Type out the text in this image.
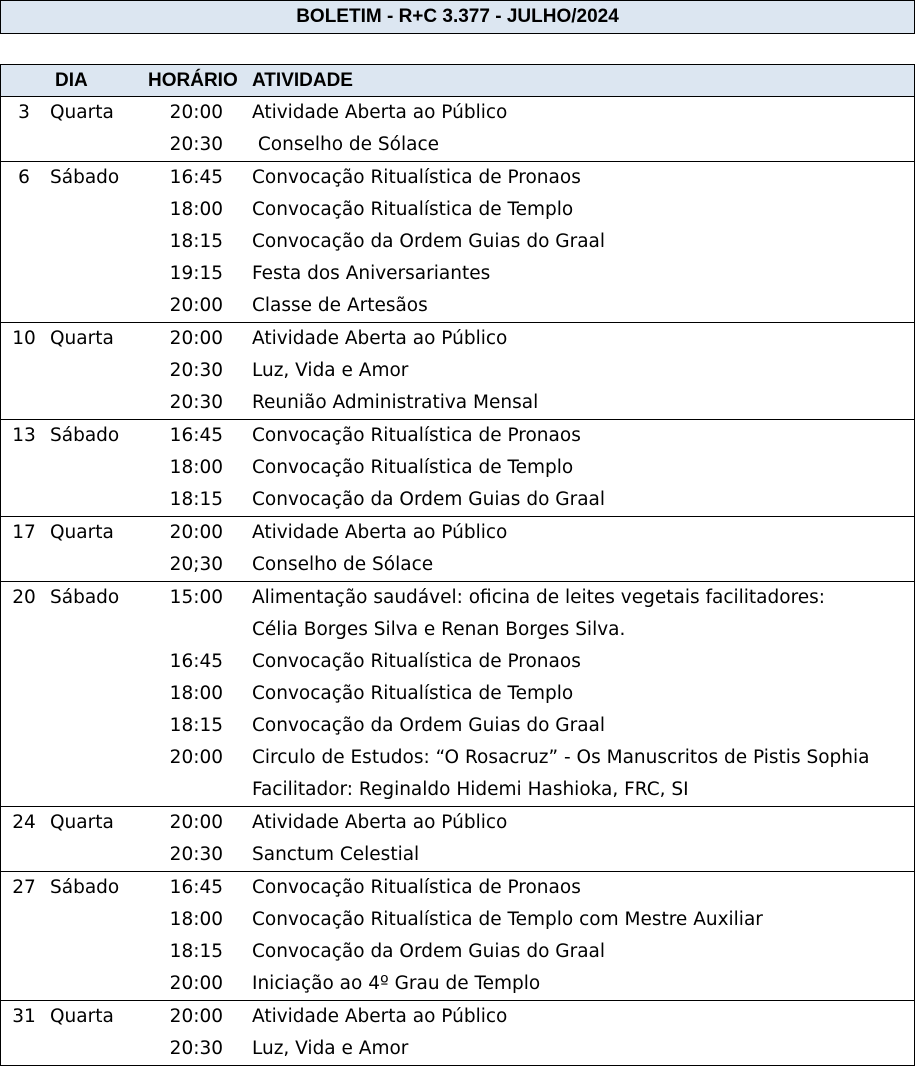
BOLETIM - R+C 3.377 - JULHO/2024
DIA	HORÁRIO ATIVIDADE
3	Quarta	20:00 Atividade Aberta ao Público
20:30 Conselho de Sólace
6	Sábado	16:45 Convocação Ritualística de Pronaos
18:00 Convocação Ritualística de Templo
18:15 Convocação da Ordem Guias do Graal
19:15 Festa dos Aniversariantes
20:00 Classe de Artesãos
10 Quarta	20:00 Atividade Aberta ao Público
20:30 Luz, Vida e Amor
20:30 Reunião Administrativa Mensal
13 Sábado	16:45 Convocação Ritualística de Pronaos
18:00 Convocação Ritualística de Templo
18:15 Convocação da Ordem Guias do Graal
17 Quarta	20:00 Atividade Aberta ao Público
20;30 Conselho de Sólace
20 Sábado	15:00 Alimentação saudável: oficina de leites vegetais facilitadores:
Célia Borges Silva e Renan Borges Silva.
16:45 Convocação Ritualística de Pronaos
18:00 Convocação Ritualística de Templo
18:15 Convocação da Ordem Guias do Graal
20:00 Circulo de Estudos: “O Rosacruz” - Os Manuscritos de Pistis Sophia
Facilitador: Reginaldo Hidemi Hashioka, FRC, SI
24 Quarta	20:00 Atividade Aberta ao Público
20:30 Sanctum Celestial
27 Sábado	16:45 Convocação Ritualística de Pronaos
18:00 Convocação Ritualística de Templo com Mestre Auxiliar
18:15 Convocação da Ordem Guias do Graal
20:00 Iniciação ao 4º Grau de Templo
31 Quarta	20:00 Atividade Aberta ao Público
20:30 Luz, Vida e Amor
